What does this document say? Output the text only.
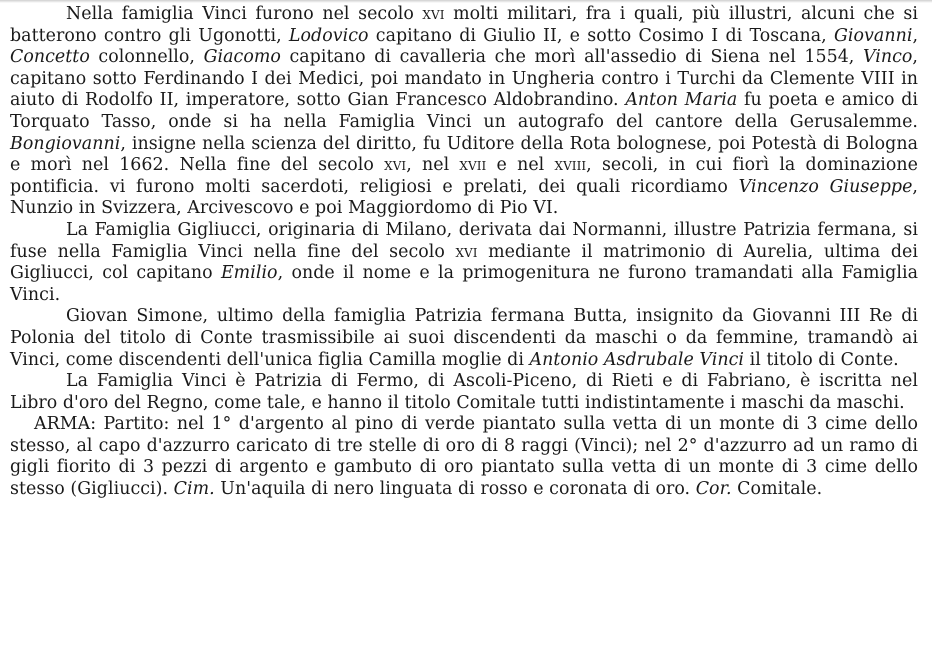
Nella famiglia Vinci furono nel secolo xvi molti militari, fra i quali, più illustri, alcuni che si batterono contro gli Ugonotti, Lodovico capitano di Giulio II, e sotto Cosimo I di Toscana, Giovanni, Concetto colonnello, Giacomo capitano di cavalleria che morì all'assedio di Siena nel 1554, Vinco, capitano sotto Ferdinando I dei Medici, poi mandato in Ungheria contro i Turchi da Clemente VIII in aiuto di Rodolfo II, imperatore, sotto Gian Francesco Aldobrandino. Anton Maria fu poeta e amico di Torquato Tasso, onde si ha nella Famiglia Vinci un autografo del cantore della Gerusalemme. Bongiovanni, insigne nella scienza del diritto, fu Uditore della Rota bolognese, poi Potestà di Bologna e morì nel 1662. Nella fine del secolo xvi, nel xvii e nel xviii, secoli, in cui fiorì la dominazione pontificia. vi furono molti sacerdoti, religiosi e prelati, dei quali ricordiamo Vincenzo Giuseppe, Nunzio in Svizzera, Arcivescovo e poi Maggiordomo di Pio VI.

La Famiglia Gigliucci, originaria di Milano, derivata dai Normanni, illustre Patrizia fermana, si fuse nella Famiglia Vinci nella fine del secolo xvi mediante il matrimonio di Aurelia, ultima dei Gigliucci, col capitano Emilio, onde il nome e la primogenitura ne furono tramandati alla Famiglia Vinci.

Giovan Simone, ultimo della famiglia Patrizia fermana Butta, insignito da Giovanni III Re di Polonia del titolo di Conte trasmissibile ai suoi discendenti da maschi o da femmine, tramandò ai Vinci, come discendenti dell'unica figlia Camilla moglie di Antonio Asdrubale Vinci il titolo di Conte.

La Famiglia Vinci è Patrizia di Fermo, di Ascoli-Piceno, di Rieti e di Fabriano, è iscritta nel Libro d'oro del Regno, come tale, e hanno il titolo Comitale tutti indistintamente i maschi da maschi.

ARMA: Partito: nel 1° d'argento al pino di verde piantato sulla vetta di un monte di 3 cime dello stesso, al capo d'azzurro caricato di tre stelle di oro di 8 raggi (Vinci); nel 2° d'azzurro ad un ramo di gigli fiorito di 3 pezzi di argento e gambuto di oro piantato sulla vetta di un monte di 3 cime dello stesso (Gigliucci). Cim. Un'aquila di nero linguata di rosso e coronata di oro. Cor. Comitale.
